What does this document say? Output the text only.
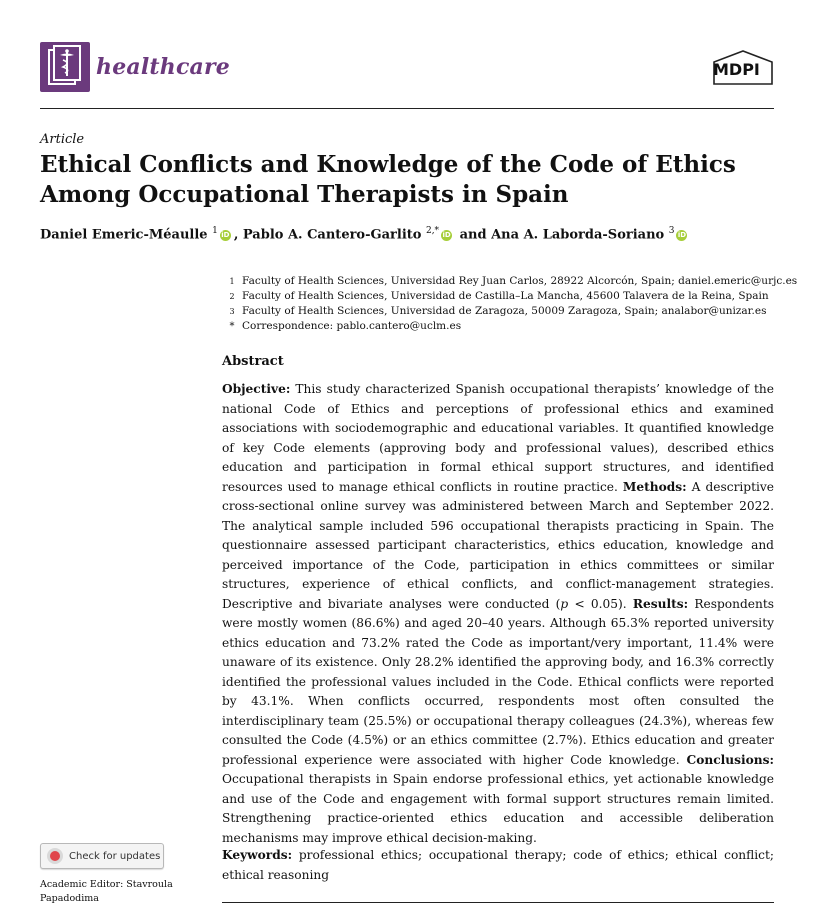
healthcare	MDPI
Article
Ethical Conflicts and Knowledge of the Code of Ethics Among Occupational Therapists in Spain
Daniel Emeric-Méaulle $^1$ iD , Pablo A. Cantero-Garlito $^{2,*}$ iD and Ana A. Laborda-Soriano $^3$ iD
1 Faculty of Health Sciences, Universidad Rey Juan Carlos, 28922 Alcorcón, Spain; daniel.emeric@urjc.es
2 Faculty of Health Sciences, Universidad de Castilla–La Mancha, 45600 Talavera de la Reina, Spain
3 Faculty of Health Sciences, Universidad de Zaragoza, 50009 Zaragoza, Spain; analabor@unizar.es
* Correspondence: pablo.cantero@uclm.es
Abstract
Objective: This study characterized Spanish occupational therapists’ knowledge of the national Code of Ethics and perceptions of professional ethics and examined associations with sociodemographic and educational variables. It quantified knowledge of key Code elements (approving body and professional values), described ethics education and participation in formal ethical support structures, and identified resources used to manage ethical conflicts in routine practice. Methods: A descriptive cross-sectional online survey was administered between March and September 2022. The analytical sample included 596 occupational therapists practicing in Spain. The questionnaire assessed participant characteristics, ethics education, knowledge and perceived importance of the Code, participation in ethics committees or similar structures, experience of ethical conflicts, and conflict-management strategies. Descriptive and bivariate analyses were conducted (p < 0.05). Results: Respondents were mostly women (86.6%) and aged 20–40 years. Although 65.3% reported university ethics education and 73.2% rated the Code as important/very important, 11.4% were unaware of its existence. Only 28.2% identified the approving body, and 16.3% correctly identified the professional values included in the Code. Ethical conflicts were reported by 43.1%. When conflicts occurred, respondents most often consulted the interdisciplinary team (25.5%) or occupational therapy colleagues (24.3%), whereas few consulted the Code (4.5%) or an ethics committee (2.7%). Ethics education and greater professional experience were associated with higher Code knowledge. Conclusions: Occupational therapists in Spain endorse professional ethics, yet actionable knowledge and use of the Code and engagement with formal support structures remain limited. Strengthening practice-oriented ethics education and accessible deliberation mechanisms may improve ethical decision-making.
Keywords: professional ethics; occupational therapy; code of ethics; ethical conflict; ethical reasoning
Check for updates
Academic Editor: Stavroula Papadodima
